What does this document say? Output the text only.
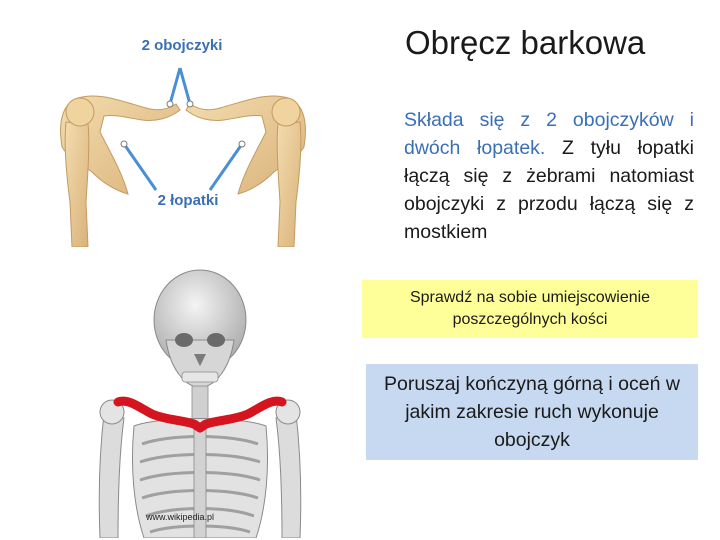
2 obojczyki
2 łopatki
Obręcz barkowa

Składa się z 2 obojczyków i dwóch łopatek. Z tyłu łopatki łączą się z żebrami natomiast obojczyki z przodu łączą się z mostkiem

Sprawdź na sobie umiejscowienie poszczególnych kości
Poruszaj kończyną górną i oceń w jakim zakresie ruch wykonuje obojczyk
www.wikipedia.pl
